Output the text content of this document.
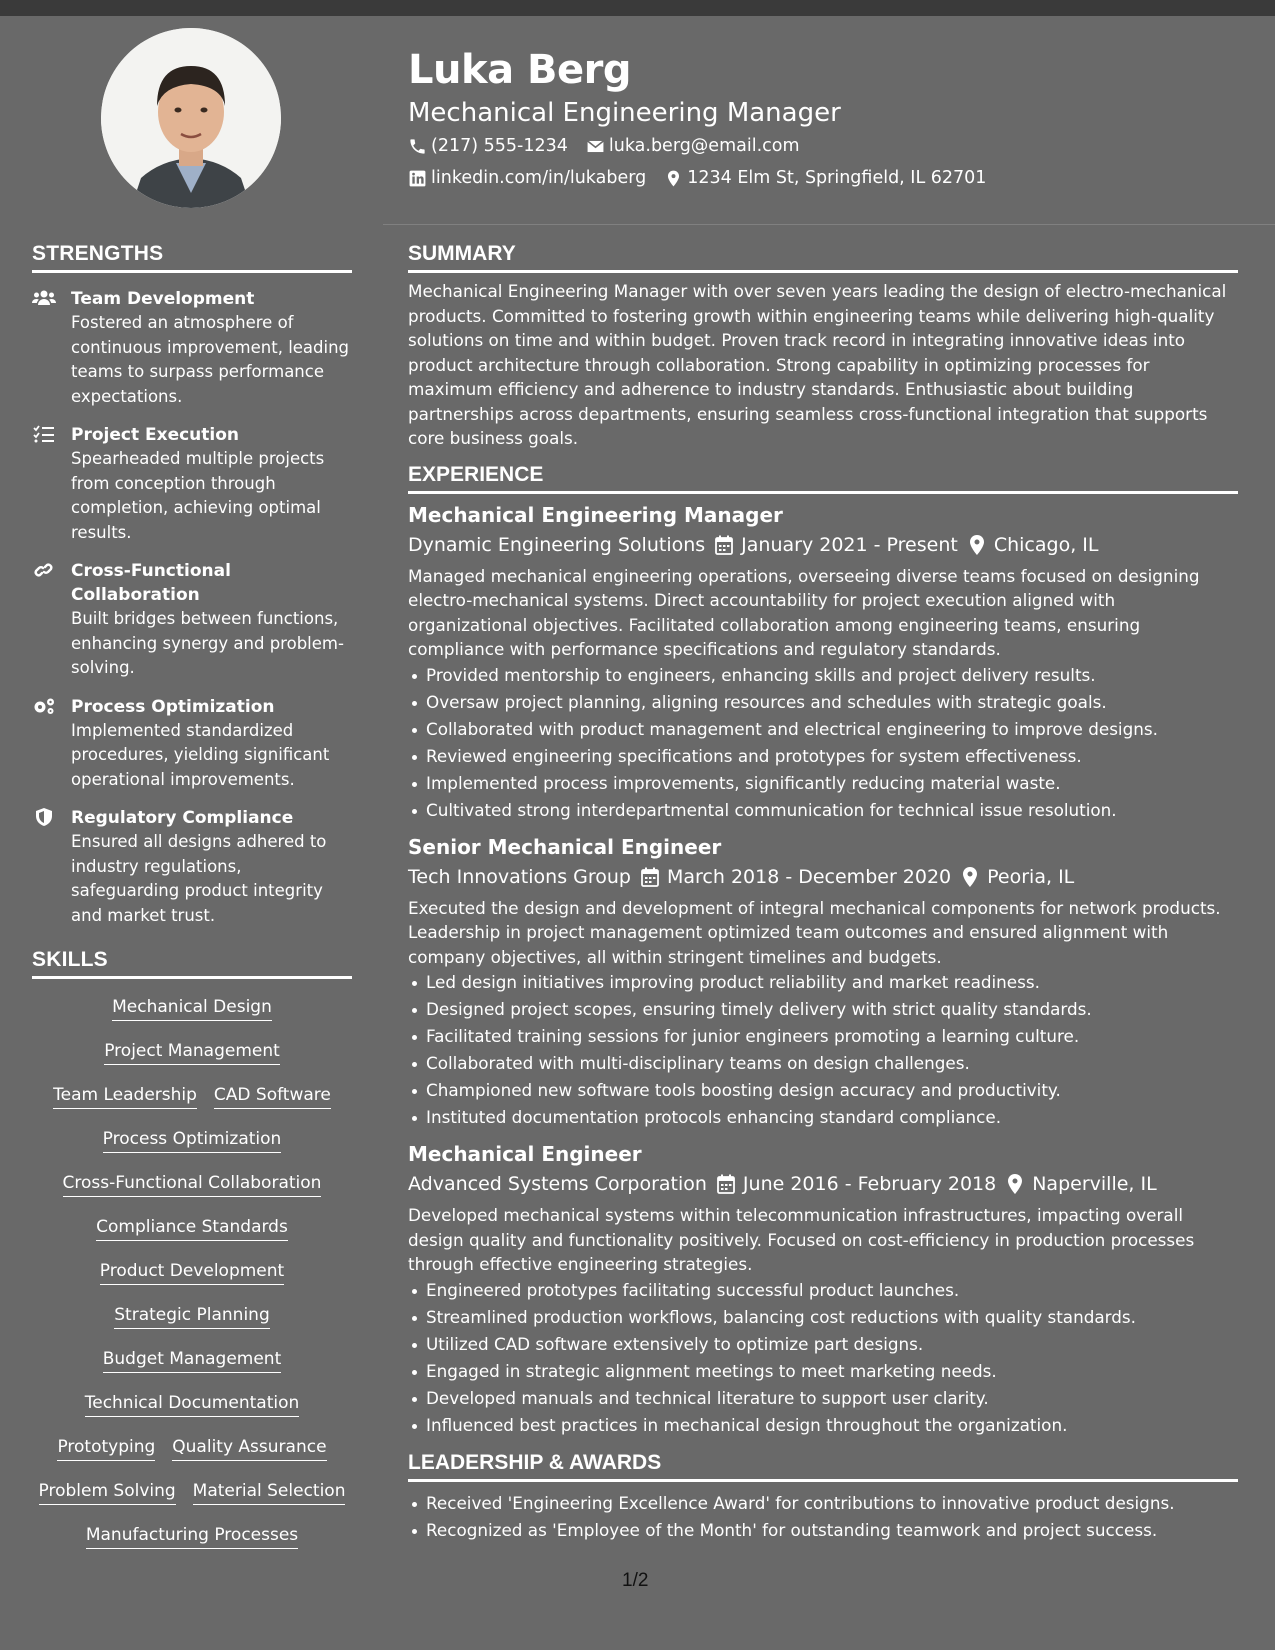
Luka Berg
Mechanical Engineering Manager
(217) 555-1234 luka.berg@email.com
linkedin.com/in/lukaberg 1234 Elm St, Springfield, IL 62701
STRENGTHS
Team Development
Fostered an atmosphere of continuous improvement, leading teams to surpass performance expectations.
Project Execution
Spearheaded multiple projects from conception through completion, achieving optimal results.
Cross-Functional Collaboration
Built bridges between functions, enhancing synergy and problem-solving.
Process Optimization
Implemented standardized procedures, yielding significant operational improvements.
Regulatory Compliance
Ensured all designs adhered to industry regulations, safeguarding product integrity and market trust.
SKILLS
Mechanical Design
Project Management
Team Leadership CAD Software
Process Optimization
Cross-Functional Collaboration
Compliance Standards
Product Development
Strategic Planning
Budget Management
Technical Documentation
Prototyping Quality Assurance
Problem Solving Material Selection
Manufacturing Processes
SUMMARY

Mechanical Engineering Manager with over seven years leading the design of electro-mechanical products. Committed to fostering growth within engineering teams while delivering high-quality solutions on time and within budget. Proven track record in integrating innovative ideas into product architecture through collaboration. Strong capability in optimizing processes for maximum efficiency and adherence to industry standards. Enthusiastic about building partnerships across departments, ensuring seamless cross-functional integration that supports core business goals.

EXPERIENCE
Mechanical Engineering Manager
Dynamic Engineering Solutions January 2021 - Present Chicago, IL

Managed mechanical engineering operations, overseeing diverse teams focused on designing electro-mechanical systems. Direct accountability for project execution aligned with organizational objectives. Facilitated collaboration among engineering teams, ensuring compliance with performance specifications and regulatory standards.

Provided mentorship to engineers, enhancing skills and project delivery results.
Oversaw project planning, aligning resources and schedules with strategic goals.
Collaborated with product management and electrical engineering to improve designs.
Reviewed engineering specifications and prototypes for system effectiveness.
Implemented process improvements, significantly reducing material waste.
Cultivated strong interdepartmental communication for technical issue resolution.
Senior Mechanical Engineer
Tech Innovations Group March 2018 - December 2020 Peoria, IL

Executed the design and development of integral mechanical components for network products. Leadership in project management optimized team outcomes and ensured alignment with company objectives, all within stringent timelines and budgets.

Led design initiatives improving product reliability and market readiness.
Designed project scopes, ensuring timely delivery with strict quality standards.
Facilitated training sessions for junior engineers promoting a learning culture.
Collaborated with multi-disciplinary teams on design challenges.
Championed new software tools boosting design accuracy and productivity.
Instituted documentation protocols enhancing standard compliance.
Mechanical Engineer
Advanced Systems Corporation June 2016 - February 2018 Naperville, IL

Developed mechanical systems within telecommunication infrastructures, impacting overall design quality and functionality positively. Focused on cost-efficiency in production processes through effective engineering strategies.

Engineered prototypes facilitating successful product launches.
Streamlined production workflows, balancing cost reductions with quality standards.
Utilized CAD software extensively to optimize part designs.
Engaged in strategic alignment meetings to meet marketing needs.
Developed manuals and technical literature to support user clarity.
Influenced best practices in mechanical design throughout the organization.
LEADERSHIP & AWARDS
Received 'Engineering Excellence Award' for contributions to innovative product designs.
Recognized as 'Employee of the Month' for outstanding teamwork and project success.
1/2
